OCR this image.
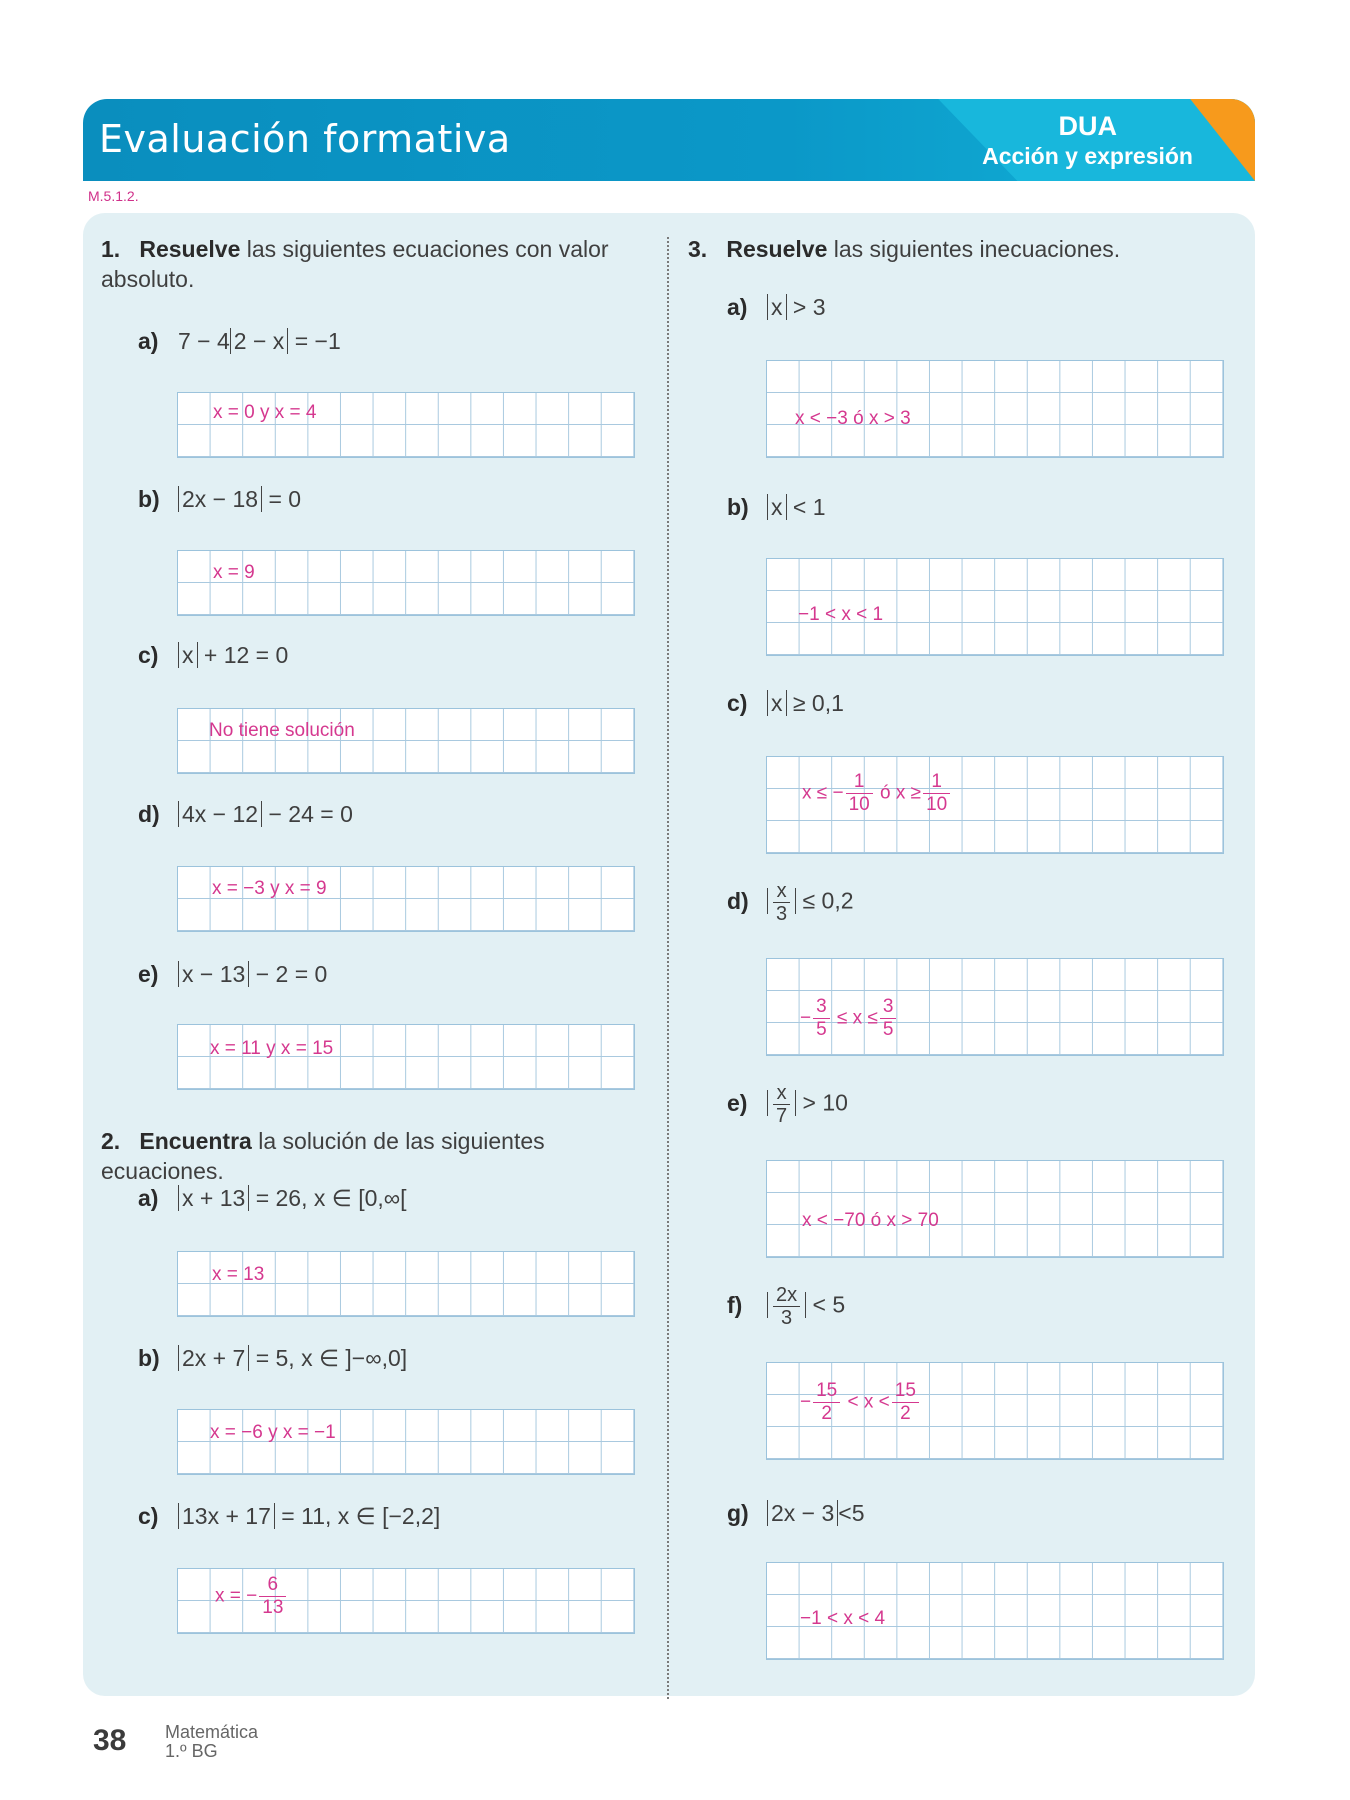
Evaluación formativa	DUA
Acción y expresión
M.5.1.2.
1. Resuelve las siguientes ecuaciones con valor absoluto.
a) 7 − 4 2 − x = −1
x = 0 y x = 4
b) 2x − 18 = 0
x = 9
c) x + 12 = 0
No tiene solución
d) 4x − 12 − 24 = 0
x = −3 y x = 9
e) x − 13 − 2 = 0
x = 11 y x = 15
2. Encuentra la solución de las siguientes ecuaciones.
a) x + 13 = 26, x ∈ [0,∞[
x = 13
b) 2x + 7 = 5, x ∈ ]−∞,0]
x = −6 y x = −1
c) 13x + 17 = 11, x ∈ [−2,2]
x = − $\frac{6}{13}$
3. Resuelve las siguientes inecuaciones.
a) x > 3
x < −3 ó x > 3
b) x < 1
−1 < x < 1
c) x ≥ 0,1
x ≤ − $\frac{1}{10}$ ó $x \ge \frac{1}{10}$
$d) \frac{x}{3} \le 0,2$
− $\frac{3}{5} \le x \le \frac{3}{5}$
$e) \frac{x}{7} > 10$
x < −70 ó x > 70
$f) \frac{2x}{3} < 5$
− $\frac{15}{2} < x < \frac{15}{2}$
g) 2x − 3 <5
−1 < x < 4
38 Matemática
1.º BG
